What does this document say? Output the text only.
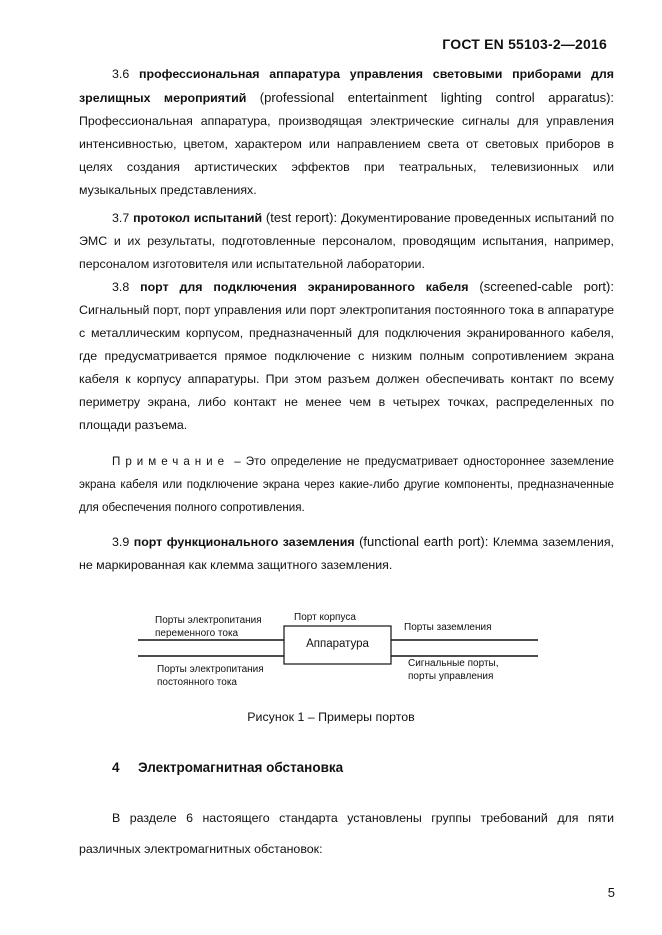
ГОСТ EN 55103-2—2016
3.6 профессиональная аппаратура управления световыми приборами для зрелищных мероприятий (professional entertainment lighting control apparatus): Профессиональная аппаратура, производящая электрические сигналы для управления интенсивностью, цветом, характером или направлением света от световых приборов в целях создания артистических эффектов при театральных, телевизионных или музыкальных представлениях.
3.7 протокол испытаний (test report): Документирование проведенных испытаний по ЭМС и их результаты, подготовленные персоналом, проводящим испытания, например, персоналом изготовителя или испытательной лаборатории.
3.8 порт для подключения экранированного кабеля (screened-cable port): Сигнальный порт, порт управления или порт электропитания постоянного тока в аппаратуре с металлическим корпусом, предназначенный для подключения экранированного кабеля, где предусматривается прямое подключение с низким полным сопротивлением экрана кабеля к корпусу аппаратуры. При этом разъем должен обеспечивать контакт по всему периметру экрана, либо контакт не менее чем в четырех точках, распределенных по площади разъема.
Примечание – Это определение не предусматривает одностороннее заземление экрана кабеля или подключение экрана через какие-либо другие компоненты, предназначенные для обеспечения полного сопротивления.
3.9 порт функционального заземления (functional earth port): Клемма заземления, не маркированная как клемма защитного заземления.
Порты электропитания переменного тока
Порт корпуса
Аппаратура
Порты заземления
Порты электропитания постоянного тока
Сигнальные порты, порты управления
Рисунок 1 – Примеры портов
4 Электромагнитная обстановка
В разделе 6 настоящего стандарта установлены группы требований для пяти различных электромагнитных обстановок:
5
